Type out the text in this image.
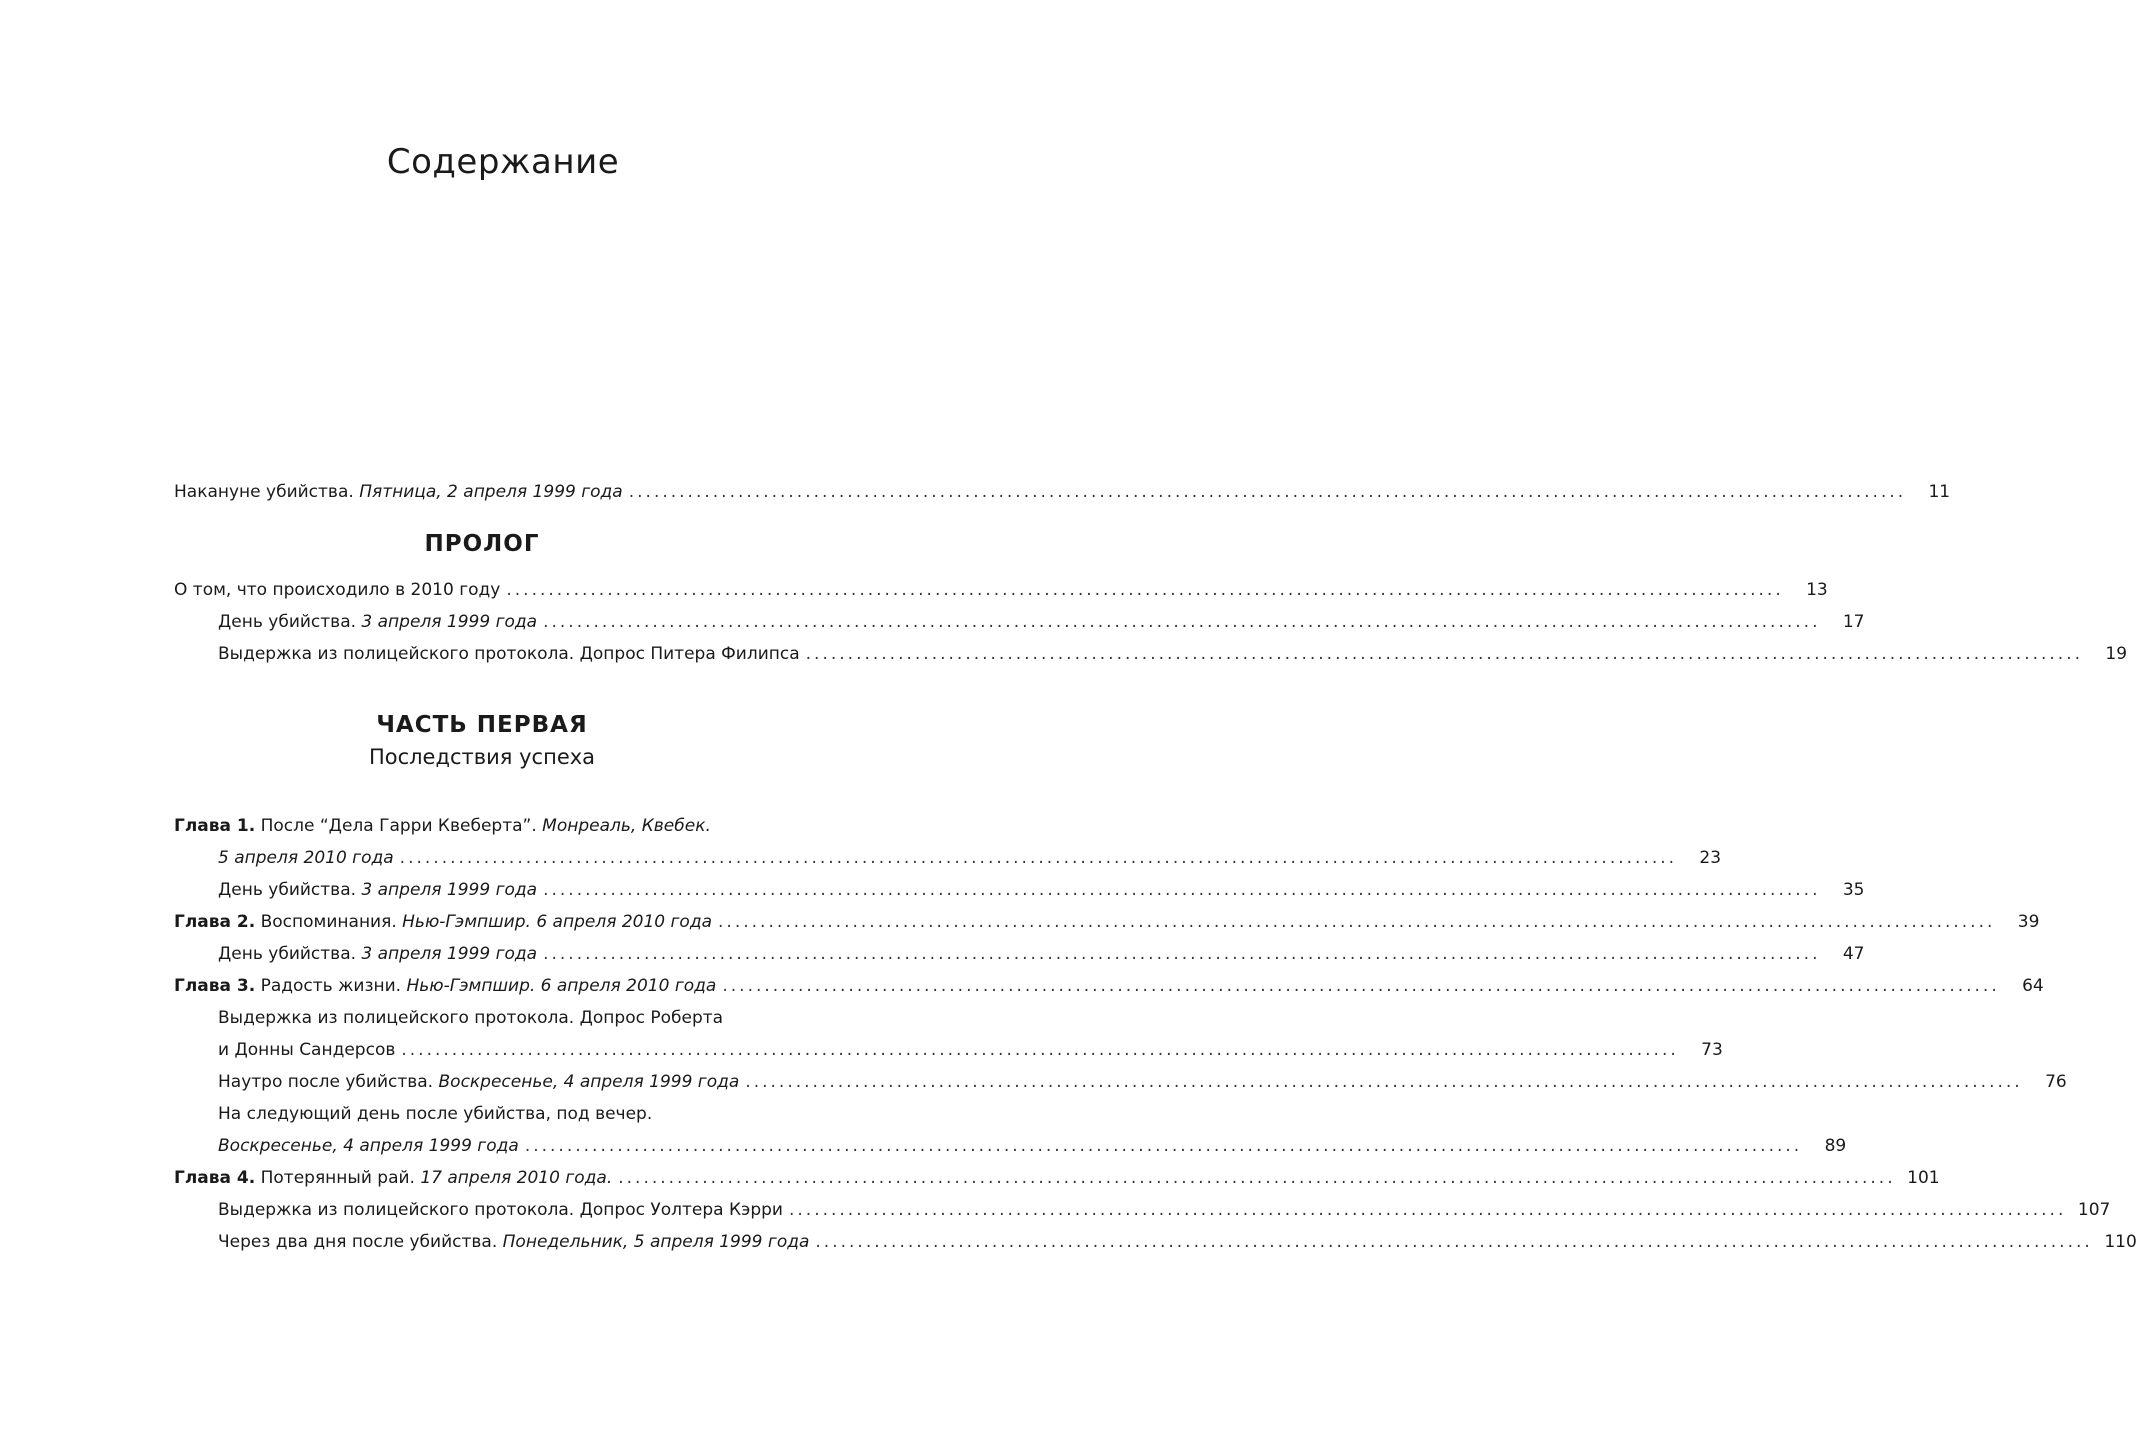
Содержание
Накануне убийства. Пятница, 2 апреля 1999 года .....	11
ПРОЛОГ
О том, что происходило в 2010 году .....	13
День убийства. 3 апреля 1999 года .....	17
Выдержка из полицейского протокола. Допрос Питера Филипса .....	19
ЧАСТЬ ПЕРВАЯ
Последствия успеха
Глава 1. После “Дела Гарри Квеберта”. Монреаль, Квебек.
5 апреля 2010 года .....	23
День убийства. 3 апреля 1999 года .....	35
Глава 2. Воспоминания. Нью-Гэмпшир. 6 апреля 2010 года .....	39
День убийства. 3 апреля 1999 года .....	47
Глава 3. Радость жизни. Нью-Гэмпшир. 6 апреля 2010 года .....	64
Выдержка из полицейского протокола. Допрос Роберта
и Донны Сандерсов .....	73
Наутро после убийства. Воскресенье, 4 апреля 1999 года .....	76
На следующий день после убийства, под вечер.
Воскресенье, 4 апреля 1999 года .....	89
Глава 4. Потерянный рай. 17 апреля 2010 года. .....	101
Выдержка из полицейского протокола. Допрос Уолтера Кэрри .....	107
Через два дня после убийства. Понедельник, 5 апреля 1999 года .....	110
